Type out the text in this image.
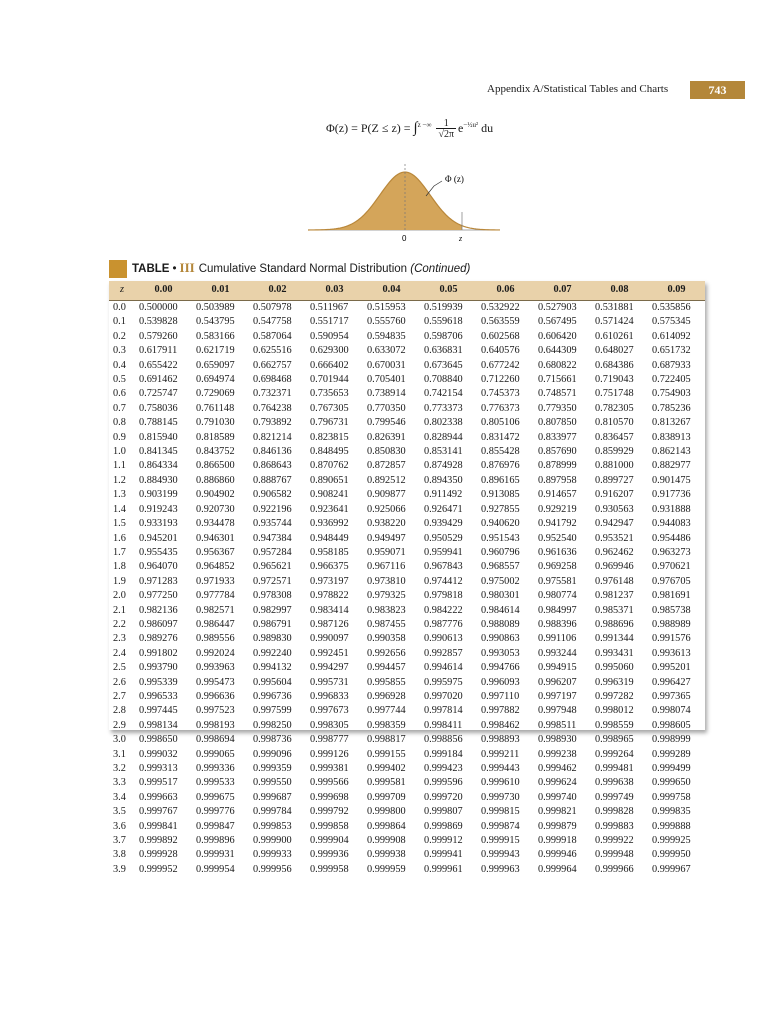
Appendix A/Statistical Tables and Charts	743
$\Phi(z) = P(Z \le z) = \int^{z -\infty} \frac{1}{√2\pi} e^{-\frac{1}{2}u^2}$ du
Φ (z)
0	z
TABLE • III Cumulative Standard Normal Distribution (Continued)
z	0.00	0.01	0.02	0.03	0.04	0.05	0.06	0.07	0.08	0.09
0.0	0.500000	0.503989	0.507978	0.511967	0.515953	0.519939	0.532922	0.527903	0.531881	0.535856
0.1	0.539828	0.543795	0.547758	0.551717	0.555760	0.559618	0.563559	0.567495	0.571424	0.575345
0.2	0.579260	0.583166	0.587064	0.590954	0.594835	0.598706	0.602568	0.606420	0.610261	0.614092
0.3	0.617911	0.621719	0.625516	0.629300	0.633072	0.636831	0.640576	0.644309	0.648027	0.651732
0.4	0.655422	0.659097	0.662757	0.666402	0.670031	0.673645	0.677242	0.680822	0.684386	0.687933
0.5	0.691462	0.694974	0.698468	0.701944	0.705401	0.708840	0.712260	0.715661	0.719043	0.722405
0.6	0.725747	0.729069	0.732371	0.735653	0.738914	0.742154	0.745373	0.748571	0.751748	0.754903
0.7	0.758036	0.761148	0.764238	0.767305	0.770350	0.773373	0.776373	0.779350	0.782305	0.785236
0.8	0.788145	0.791030	0.793892	0.796731	0.799546	0.802338	0.805106	0.807850	0.810570	0.813267
0.9	0.815940	0.818589	0.821214	0.823815	0.826391	0.828944	0.831472	0.833977	0.836457	0.838913
1.0	0.841345	0.843752	0.846136	0.848495	0.850830	0.853141	0.855428	0.857690	0.859929	0.862143
1.1	0.864334	0.866500	0.868643	0.870762	0.872857	0.874928	0.876976	0.878999	0.881000	0.882977
1.2	0.884930	0.886860	0.888767	0.890651	0.892512	0.894350	0.896165	0.897958	0.899727	0.901475
1.3	0.903199	0.904902	0.906582	0.908241	0.909877	0.911492	0.913085	0.914657	0.916207	0.917736
1.4	0.919243	0.920730	0.922196	0.923641	0.925066	0.926471	0.927855	0.929219	0.930563	0.931888
1.5	0.933193	0.934478	0.935744	0.936992	0.938220	0.939429	0.940620	0.941792	0.942947	0.944083
1.6	0.945201	0.946301	0.947384	0.948449	0.949497	0.950529	0.951543	0.952540	0.953521	0.954486
1.7	0.955435	0.956367	0.957284	0.958185	0.959071	0.959941	0.960796	0.961636	0.962462	0.963273
1.8	0.964070	0.964852	0.965621	0.966375	0.967116	0.967843	0.968557	0.969258	0.969946	0.970621
1.9	0.971283	0.971933	0.972571	0.973197	0.973810	0.974412	0.975002	0.975581	0.976148	0.976705
2.0	0.977250	0.977784	0.978308	0.978822	0.979325	0.979818	0.980301	0.980774	0.981237	0.981691
2.1	0.982136	0.982571	0.982997	0.983414	0.983823	0.984222	0.984614	0.984997	0.985371	0.985738
2.2	0.986097	0.986447	0.986791	0.987126	0.987455	0.987776	0.988089	0.988396	0.988696	0.988989
2.3	0.989276	0.989556	0.989830	0.990097	0.990358	0.990613	0.990863	0.991106	0.991344	0.991576
2.4	0.991802	0.992024	0.992240	0.992451	0.992656	0.992857	0.993053	0.993244	0.993431	0.993613
2.5	0.993790	0.993963	0.994132	0.994297	0.994457	0.994614	0.994766	0.994915	0.995060	0.995201
2.6	0.995339	0.995473	0.995604	0.995731	0.995855	0.995975	0.996093	0.996207	0.996319	0.996427
2.7	0.996533	0.996636	0.996736	0.996833	0.996928	0.997020	0.997110	0.997197	0.997282	0.997365
2.8	0.997445	0.997523	0.997599	0.997673	0.997744	0.997814	0.997882	0.997948	0.998012	0.998074
2.9	0.998134	0.998193	0.998250	0.998305	0.998359	0.998411	0.998462	0.998511	0.998559	0.998605
3.0	0.998650	0.998694	0.998736	0.998777	0.998817	0.998856	0.998893	0.998930	0.998965	0.998999
3.1	0.999032	0.999065	0.999096	0.999126	0.999155	0.999184	0.999211	0.999238	0.999264	0.999289
3.2	0.999313	0.999336	0.999359	0.999381	0.999402	0.999423	0.999443	0.999462	0.999481	0.999499
3.3	0.999517	0.999533	0.999550	0.999566	0.999581	0.999596	0.999610	0.999624	0.999638	0.999650
3.4	0.999663	0.999675	0.999687	0.999698	0.999709	0.999720	0.999730	0.999740	0.999749	0.999758
3.5	0.999767	0.999776	0.999784	0.999792	0.999800	0.999807	0.999815	0.999821	0.999828	0.999835
3.6	0.999841	0.999847	0.999853	0.999858	0.999864	0.999869	0.999874	0.999879	0.999883	0.999888
3.7	0.999892	0.999896	0.999900	0.999904	0.999908	0.999912	0.999915	0.999918	0.999922	0.999925
3.8	0.999928	0.999931	0.999933	0.999936	0.999938	0.999941	0.999943	0.999946	0.999948	0.999950
3.9	0.999952	0.999954	0.999956	0.999958	0.999959	0.999961	0.999963	0.999964	0.999966	0.999967
